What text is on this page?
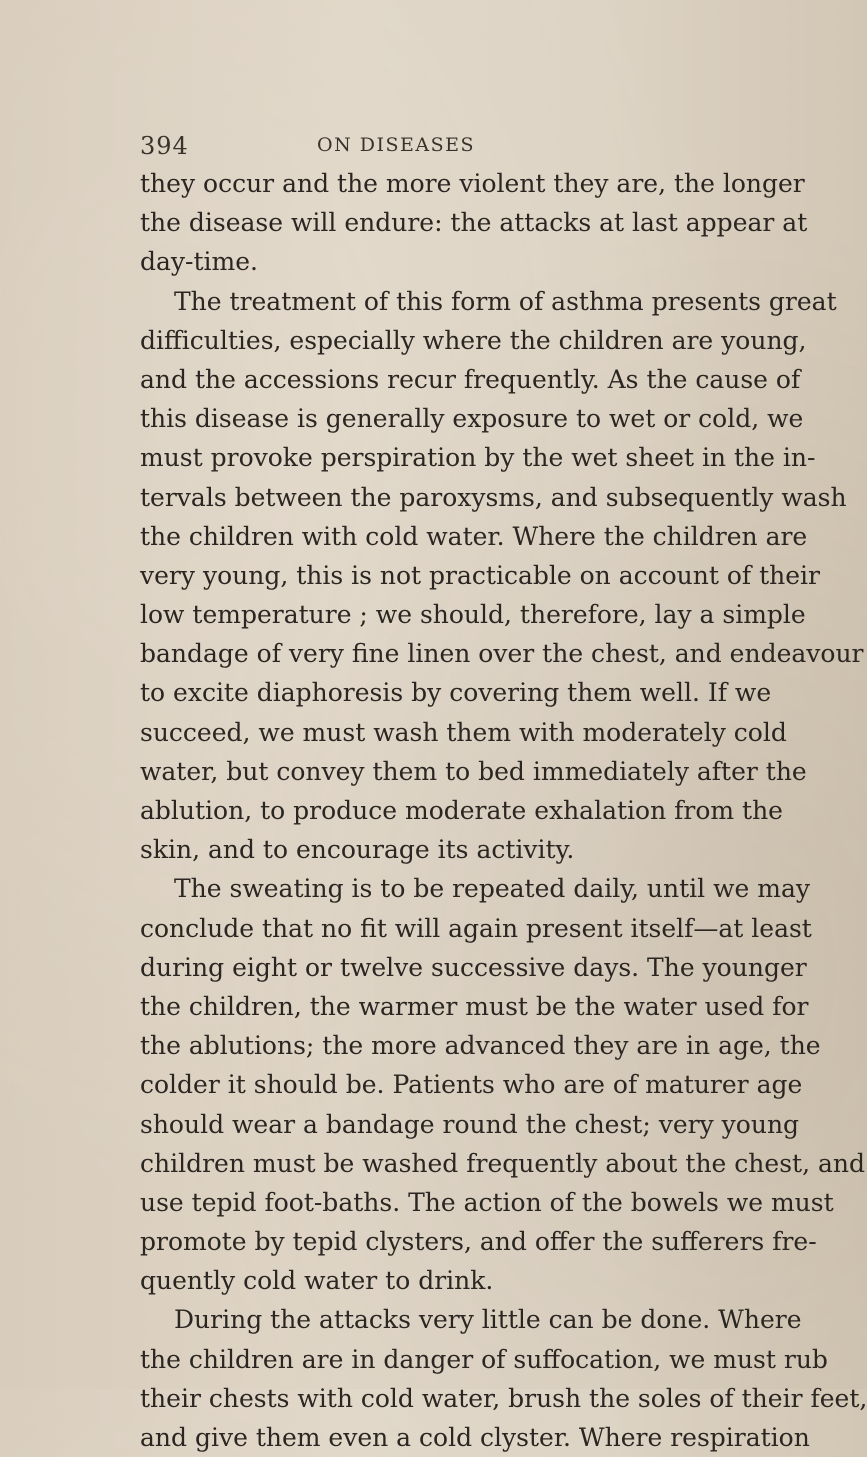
394	ON DISEASES
they occur and the more violent they are, the longer
the disease will endure: the attacks at last appear at
day-time.
The treatment of this form of asthma presents great
difficulties, especially where the children are young,
and the accessions recur frequently. As the cause of
this disease is generally exposure to wet or cold, we
must provoke perspiration by the wet sheet in the in-
tervals between the paroxysms, and subsequently wash
the children with cold water. Where the children are
very young, this is not practicable on account of their
low temperature ; we should, therefore, lay a simple
bandage of very fine linen over the chest, and endeavour
to excite diaphoresis by covering them well. If we
succeed, we must wash them with moderately cold
water, but convey them to bed immediately after the
ablution, to produce moderate exhalation from the
skin, and to encourage its activity.
The sweating is to be repeated daily, until we may
conclude that no fit will again present itself—at least
during eight or twelve successive days. The younger
the children, the warmer must be the water used for
the ablutions; the more advanced they are in age, the
colder it should be. Patients who are of maturer age
should wear a bandage round the chest; very young
children must be washed frequently about the chest, and
use tepid foot-baths. The action of the bowels we must
promote by tepid clysters, and offer the sufferers fre-
quently cold water to drink.
During the attacks very little can be done. Where
the children are in danger of suffocation, we must rub
their chests with cold water, brush the soles of their feet,
and give them even a cold clyster. Where respiration
